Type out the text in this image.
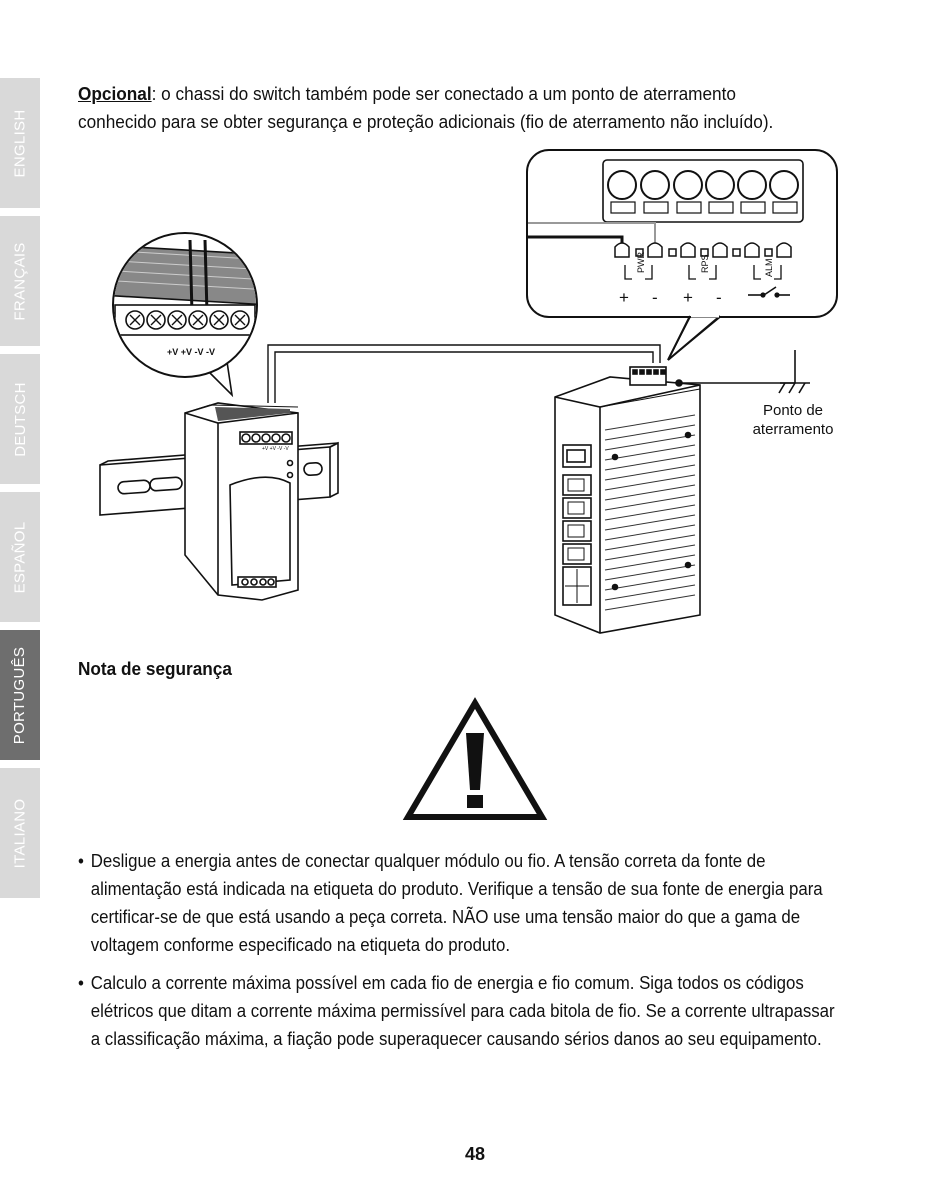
ENGLISH
FRANÇAIS
DEUTSCH
ESPAÑOL
PORTUGUÊS
ITALIANO
Opcional: o chassi do switch também pode ser conectado a um ponto de aterramento conhecido para se obter segurança e proteção adicionais (fio de aterramento não incluído).
+V +V -V -V
+V +V -V -V
Ponto de
aterramento
PWR	RPS	ALM
+ - + -
Nota de segurança
• Desligue a energia antes de conectar qualquer módulo ou fio. A tensão correta da fonte de alimentação está indicada na etiqueta do produto. Verifique a tensão de sua fonte de energia para certificar-se de que está usando a peça correta. NÃO use uma tensão maior do que a gama de voltagem conforme especificado na etiqueta do produto.
• Calculo a corrente máxima possível em cada fio de energia e fio comum. Siga todos os códigos elétricos que ditam a corrente máxima permissível para cada bitola de fio. Se a corrente ultrapassar a classificação máxima, a fiação pode superaquecer causando sérios danos ao seu equipamento.
48
